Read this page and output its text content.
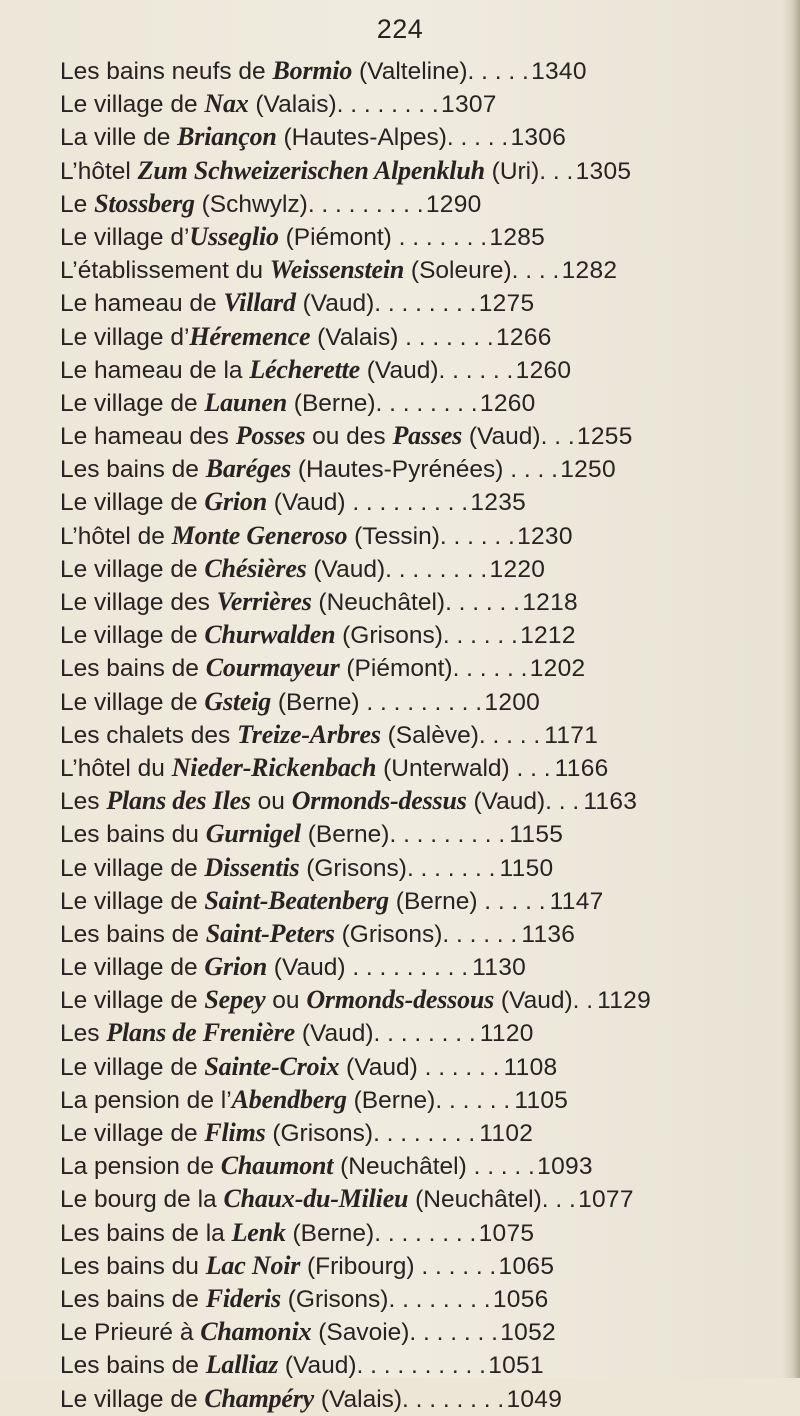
224
Les bains neufs de Bormio (Valteline). . . . . 1340
Le village de Nax (Valais). . . . . . . . 1307
La ville de Briançon (Hautes-Alpes). . . . . 1306
L’hôtel Zum Schweizerischen Alpenkluh (Uri). . . 1305
Le Stossberg (Schwylz). . . . . . . . . 1290
Le village d’Usseglio (Piémont) . . . . . . . 1285
L’établissement du Weissenstein (Soleure). . . . 1282
Le hameau de Villard (Vaud). . . . . . . . 1275
Le village d’Héremence (Valais) . . . . . . . 1266
Le hameau de la Lécherette (Vaud). . . . . . 1260
Le village de Launen (Berne). . . . . . . . 1260
Le hameau des Posses ou des Passes (Vaud). . . 1255
Les bains de Baréges (Hautes-Pyrénées) . . . . 1250
Le village de Grion (Vaud) . . . . . . . . . 1235
L’hôtel de Monte Generoso (Tessin). . . . . . 1230
Le village de Chésières (Vaud). . . . . . . . 1220
Le village des Verrières (Neuchâtel). . . . . . 1218
Le village de Churwalden (Grisons). . . . . . 1212
Les bains de Courmayeur (Piémont). . . . . . 1202
Le village de Gsteig (Berne) . . . . . . . . . 1200
Les chalets des Treize-Arbres (Salève). . . . . 1171
L’hôtel du Nieder-Rickenbach (Unterwald) . . . 1166
Les Plans des Iles ou Ormonds-dessus (Vaud). . . 1163
Les bains du Gurnigel (Berne). . . . . . . . . 1155
Le village de Dissentis (Grisons). . . . . . . 1150
Le village de Saint-Beatenberg (Berne) . . . . . 1147
Les bains de Saint-Peters (Grisons). . . . . . 1136
Le village de Grion (Vaud) . . . . . . . . . 1130
Le village de Sepey ou Ormonds-dessous (Vaud). . 1129
Les Plans de Frenière (Vaud). . . . . . . . 1120
Le village de Sainte-Croix (Vaud) . . . . . . 1108
La pension de l’Abendberg (Berne). . . . . . 1105
Le village de Flims (Grisons). . . . . . . . 1102
La pension de Chaumont (Neuchâtel) . . . . . 1093
Le bourg de la Chaux-du-Milieu (Neuchâtel). . . 1077
Les bains de la Lenk (Berne). . . . . . . . 1075
Les bains du Lac Noir (Fribourg) . . . . . . 1065
Les bains de Fideris (Grisons). . . . . . . . 1056
Le Prieuré à Chamonix (Savoie). . . . . . . 1052
Les bains de Lalliaz (Vaud). . . . . . . . . . 1051
Le village de Champéry (Valais). . . . . . . . 1049
